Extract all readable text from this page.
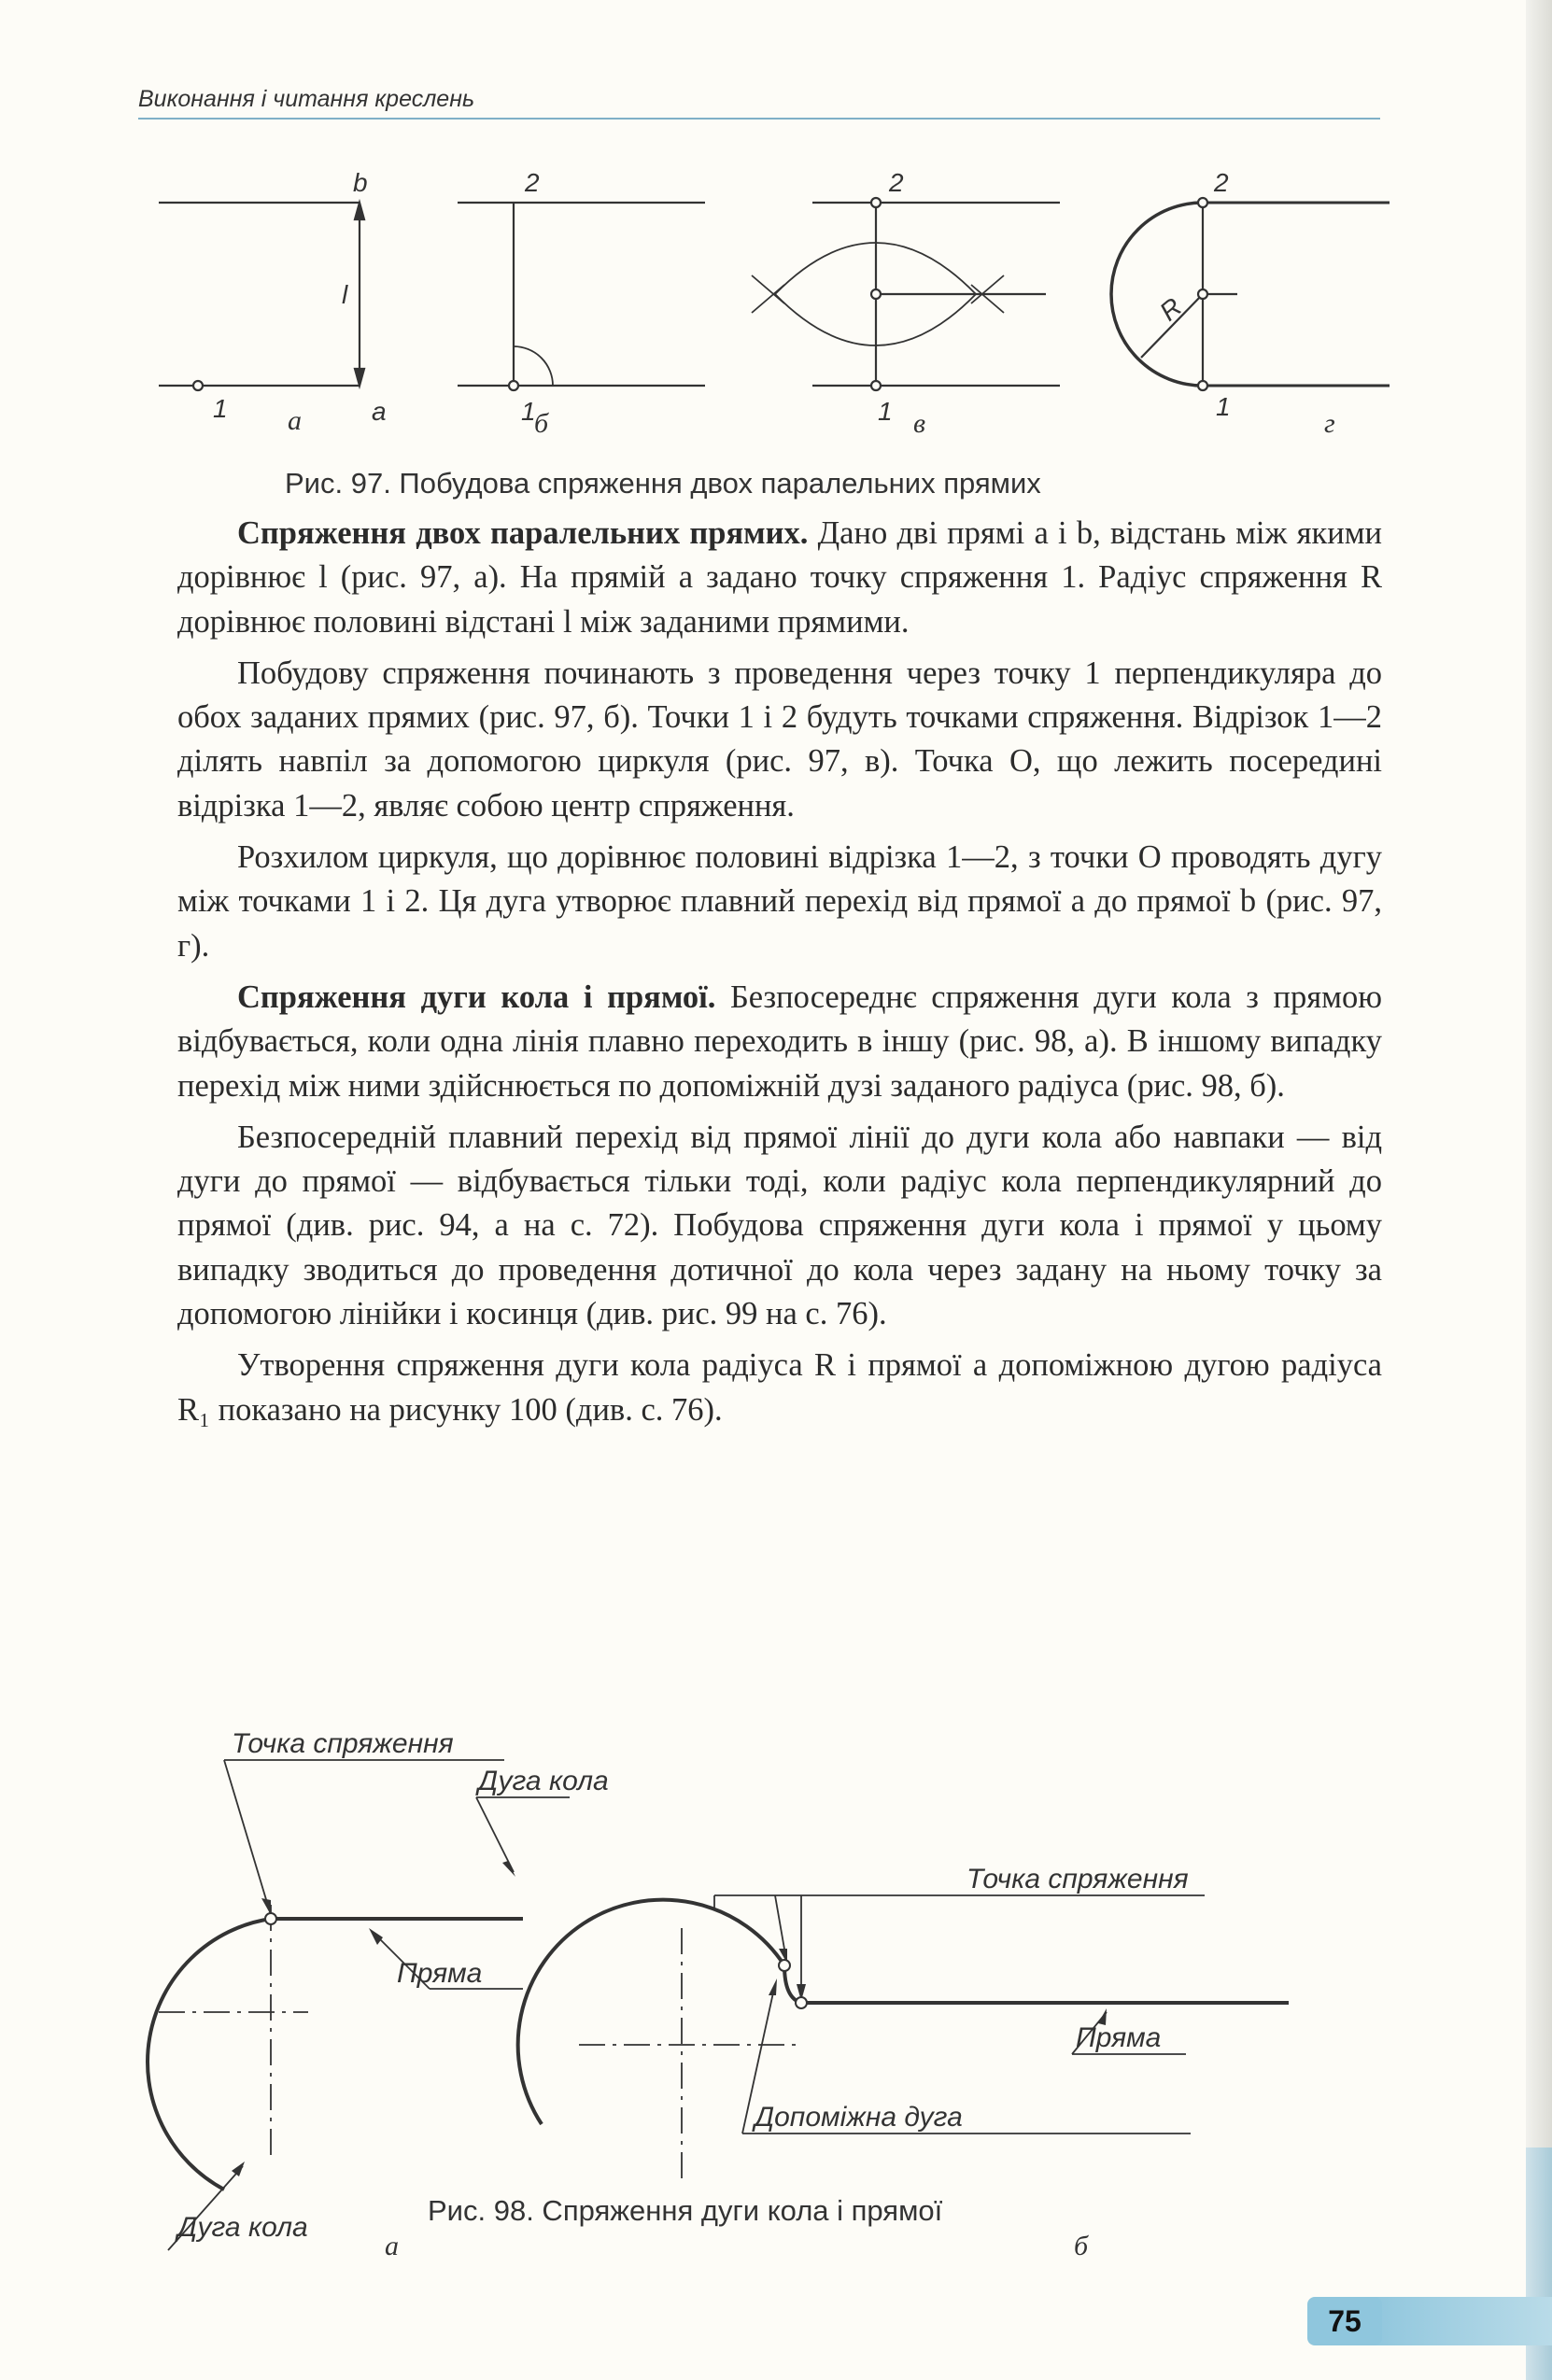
Виконання і читання креслень
b
l
1 a	a
2
1
б
2
1 в
2
R
1
г
Рис. 97. Побудова спряження двох паралельних прямих

Спряження двох паралельних прямих. Дано дві прямі a і b, відстань між якими дорівнює l (рис. 97, a). На прямій a задано точку спряження 1. Радіус спряження R дорівнює половині відстані l між заданими прямими.

Побудову спряження починають з проведення через точку 1 перпендикуляра до обох заданих прямих (рис. 97, б). Точки 1 і 2 будуть точками спряження. Відрізок 1—2 ділять навпіл за допомогою циркуля (рис. 97, в). Точка O, що лежить посередині відрізка 1—2, являє собою центр спряження.

Розхилом циркуля, що дорівнює половині відрізка 1—2, з точки O проводять дугу між точками 1 і 2. Ця дуга утворює плавний перехід від прямої a до прямої b (рис. 97, г).

Спряження дуги кола і прямої. Безпосереднє спряження дуги кола з прямою відбувається, коли одна лінія плавно переходить в іншу (рис. 98, a). В іншому випадку перехід між ними здійснюється по допоміжній дузі заданого радіуса (рис. 98, б).

Безпосередній плавний перехід від прямої лінії до дуги кола або навпаки — від дуги до прямої — відбувається тільки тоді, коли радіус кола перпендикулярний до прямої (див. рис. 94, a на с. 72). Побудова спряження дуги кола і прямої у цьому випадку зводиться до проведення дотичної до кола через задану на ньому точку за допомогою лінійки і косинця (див. рис. 99 на с. 76).

Утворення спряження дуги кола радіуса R і прямої a допоміжною дугою радіуса R₁ показано на рисунку 100 (див. с. 76).

Точка спряження
Пряма
Дуга кола
a
Дуга кола
Точка спряження
Пряма
Допоміжна дуга
б
Рис. 98. Спряження дуги кола і прямої
75
